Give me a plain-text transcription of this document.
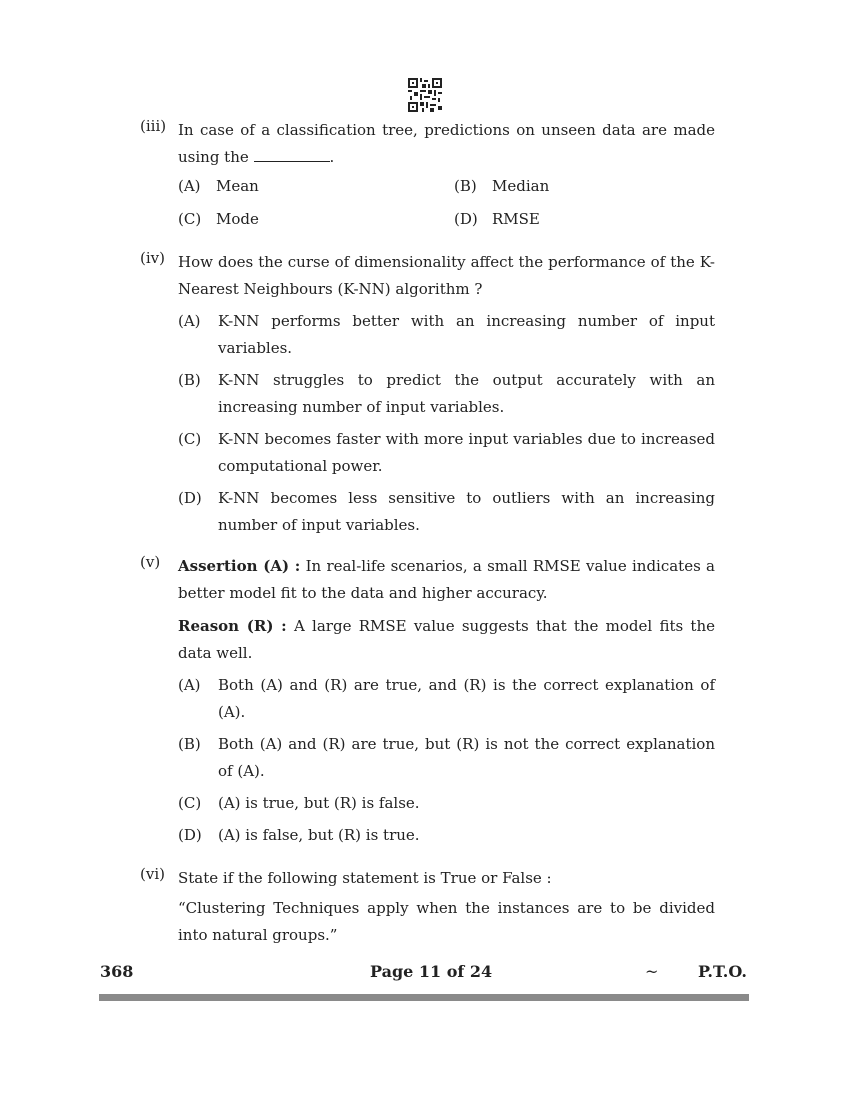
(iii) In case of a classification tree, predictions on unseen data are made using the	.
(A) Mean	(B) Median
(C) Mode	(D) RMSE
(iv) How does the curse of dimensionality affect the performance of the K-Nearest Neighbours (K-NN) algorithm ?
(A) K-NN performs better with an increasing number of input variables.
(B) K-NN struggles to predict the output accurately with an increasing number of input variables.
(C) K-NN becomes faster with more input variables due to increased computational power.
(D) K-NN becomes less sensitive to outliers with an increasing number of input variables.
(v)	Assertion (A) : In real-life scenarios, a small RMSE value indicates a better model fit to the data and higher accuracy.
Reason (R) : A large RMSE value suggests that the model fits the data well.
(A) Both (A) and (R) are true, and (R) is the correct explanation of (A).
(B) Both (A) and (R) are true, but (R) is not the correct explanation of (A).
(C) (A) is true, but (R) is false.
(D) (A) is false, but (R) is true.
(vi) State if the following statement is True or False :
“Clustering Techniques apply when the instances are to be divided into natural groups.”
368	Page 11 of 24	~ P.T.O.
